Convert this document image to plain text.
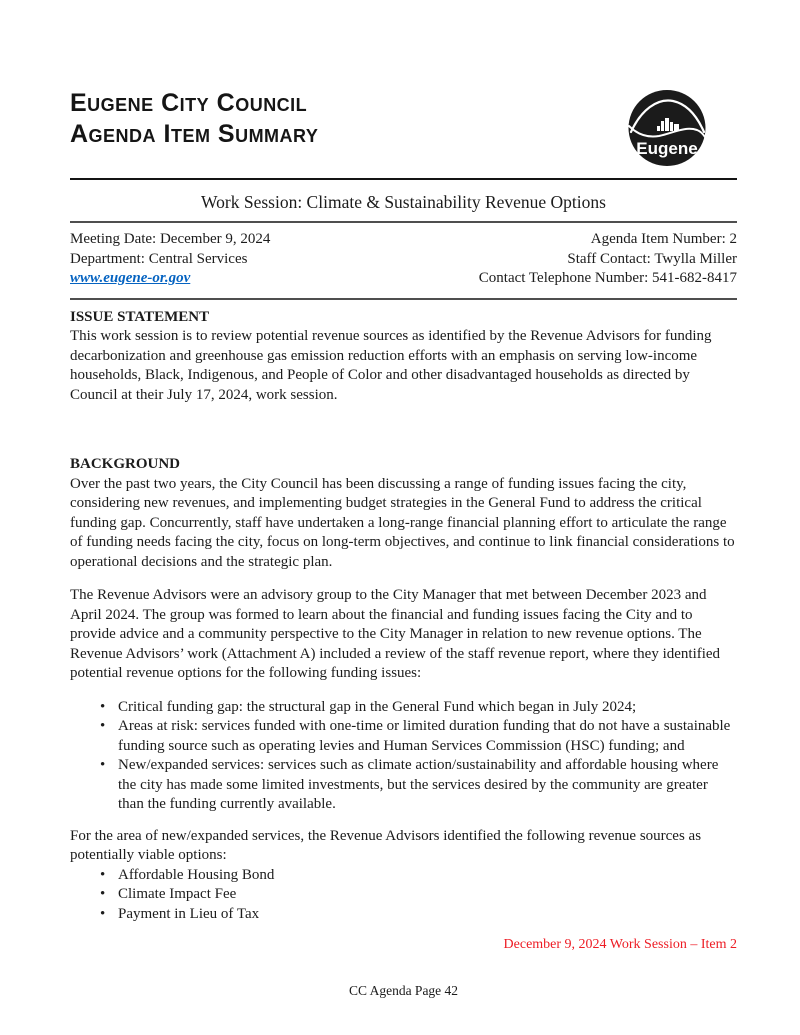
Eugene City Council
Agenda Item Summary
Eugene
Work Session: Climate & Sustainability Revenue Options
Meeting Date: December 9, 2024
Department: Central Services
www.eugene-or.gov
Agenda Item Number: 2
Staff Contact: Twylla Miller
Contact Telephone Number: 541-682-8417
ISSUE STATEMENT

This work session is to review potential revenue sources as identified by the Revenue Advisors for funding decarbonization and greenhouse gas emission reduction efforts with an emphasis on serving low-income households, Black, Indigenous, and People of Color and other disadvantaged households as directed by Council at their July 17, 2024, work session.

BACKGROUND

Over the past two years, the City Council has been discussing a range of funding issues facing the city, considering new revenues, and implementing budget strategies in the General Fund to address the critical funding gap. Concurrently, staff have undertaken a long-range financial planning effort to articulate the range of funding needs facing the city, focus on long-term objectives, and continue to link financial considerations to operational decisions and the strategic plan.

The Revenue Advisors were an advisory group to the City Manager that met between December 2023 and April 2024. The group was formed to learn about the financial and funding issues facing the City and to provide advice and a community perspective to the City Manager in relation to new revenue options. The Revenue Advisors’ work (Attachment A) included a review of the staff revenue report, where they identified potential revenue options for the following funding issues:

• Critical funding gap: the structural gap in the General Fund which began in July 2024;
• Areas at risk: services funded with one-time or limited duration funding that do not have a sustainable funding source such as operating levies and Human Services Commission (HSC) funding; and
• New/expanded services: services such as climate action/sustainability and affordable housing where the city has made some limited investments, but the services desired by the community are greater than the funding currently available.

For the area of new/expanded services, the Revenue Advisors identified the following revenue sources as potentially viable options:

• Affordable Housing Bond
• Climate Impact Fee
• Payment in Lieu of Tax
December 9, 2024 Work Session – Item 2
CC Agenda Page 42
